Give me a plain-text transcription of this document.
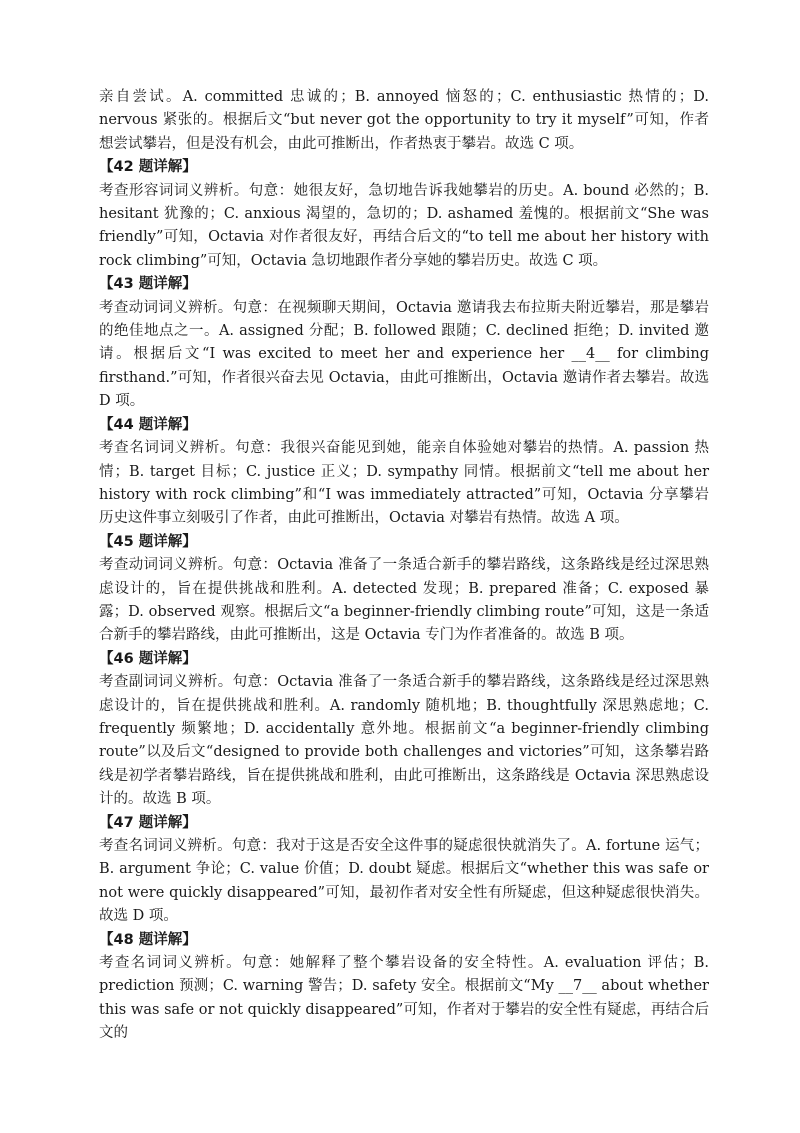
亲自尝试。A. committed 忠诚的；B. annoyed 恼怒的；C. enthusiastic 热情的；D. nervous 紧张的。根据后文“but never got the opportunity to try it myself”可知，作者想尝试攀岩，但是没有机会，由此可推断出，作者热衷于攀岩。故选 C 项。

【42 题详解】

考查形容词词义辨析。句意：她很友好，急切地告诉我她攀岩的历史。A. bound 必然的；B. hesitant 犹豫的；C. anxious 渴望的，急切的；D. ashamed 羞愧的。根据前文“She was friendly”可知，Octavia 对作者很友好，再结合后文的“to tell me about her history with rock climbing”可知，Octavia 急切地跟作者分享她的攀岩历史。故选 C 项。

【43 题详解】

考查动词词义辨析。句意：在视频聊天期间，Octavia 邀请我去布拉斯夫附近攀岩，那是攀岩的绝佳地点之一。A. assigned 分配；B. followed 跟随；C. declined 拒绝；D. invited 邀请。根据后文“I was excited to meet her and experience her __4__ for climbing firsthand.”可知，作者很兴奋去见 Octavia，由此可推断出，Octavia 邀请作者去攀岩。故选 D 项。

【44 题详解】

考查名词词义辨析。句意：我很兴奋能见到她，能亲自体验她对攀岩的热情。A. passion 热情；B. target 目标；C. justice 正义；D. sympathy 同情。根据前文“tell me about her history with rock climbing”和“I was immediately attracted”可知，Octavia 分享攀岩历史这件事立刻吸引了作者，由此可推断出，Octavia 对攀岩有热情。故选 A 项。

【45 题详解】

考查动词词义辨析。句意：Octavia 准备了一条适合新手的攀岩路线，这条路线是经过深思熟虑设计的，旨在提供挑战和胜利。A. detected 发现；B. prepared 准备；C. exposed 暴露；D. observed 观察。根据后文“a beginner-friendly climbing route”可知，这是一条适合新手的攀岩路线，由此可推断出，这是 Octavia 专门为作者准备的。故选 B 项。

【46 题详解】

考查副词词义辨析。句意：Octavia 准备了一条适合新手的攀岩路线，这条路线是经过深思熟虑设计的，旨在提供挑战和胜利。A. randomly 随机地；B. thoughtfully 深思熟虑地；C. frequently 频繁地；D. accidentally 意外地。根据前文“a beginner-friendly climbing route”以及后文“designed to provide both challenges and victories”可知，这条攀岩路线是初学者攀岩路线，旨在提供挑战和胜利，由此可推断出，这条路线是 Octavia 深思熟虑设计的。故选 B 项。

【47 题详解】

考查名词词义辨析。句意：我对于这是否安全这件事的疑虑很快就消失了。A. fortune 运气；B. argument 争论；C. value 价值；D. doubt 疑虑。根据后文“whether this was safe or not were quickly disappeared”可知，最初作者对安全性有所疑虑，但这种疑虑很快消失。故选 D 项。

【48 题详解】

考查名词词义辨析。句意：她解释了整个攀岩设备的安全特性。A. evaluation 评估；B. prediction 预测；C. warning 警告；D. safety 安全。根据前文“My __7__ about whether this was safe or not quickly disappeared”可知，作者对于攀岩的安全性有疑虑，再结合后文的
